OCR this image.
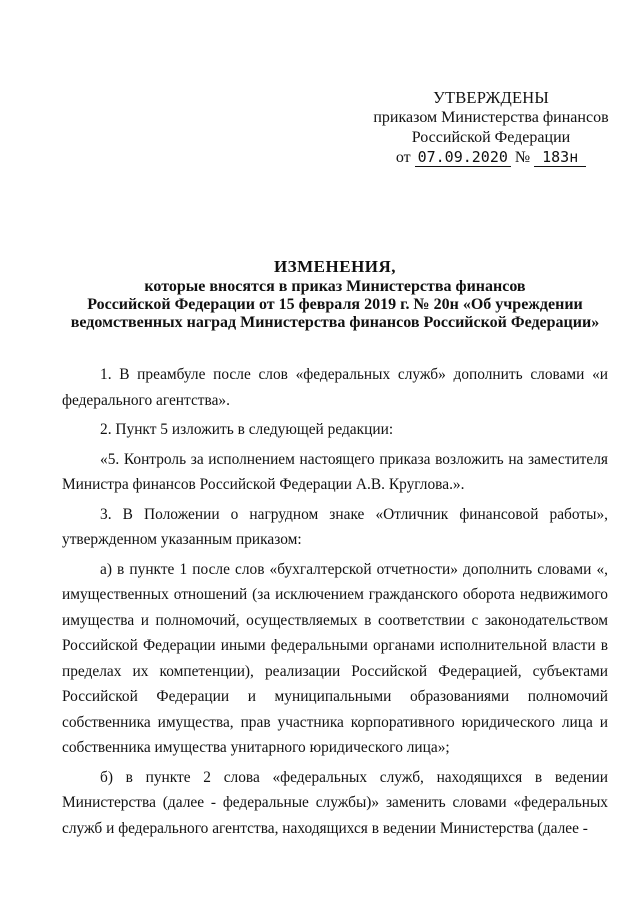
УТВЕРЖДЕНЫ
приказом Министерства финансов
Российской Федерации
от 07.09.2020 № 183н
ИЗМЕНЕНИЯ,
которые вносятся в приказ Министерства финансов
Российской Федерации от 15 февраля 2019 г. № 20н «Об учреждении
ведомственных наград Министерства финансов Российской Федерации»

1. В преамбуле после слов «федеральных служб» дополнить словами «и федерального агентства».

2. Пункт 5 изложить в следующей редакции:

«5. Контроль за исполнением настоящего приказа возложить на заместителя Министра финансов Российской Федерации А.В. Круглова.».

3. В Положении о нагрудном знаке «Отличник финансовой работы», утвержденном указанным приказом:

а) в пункте 1 после слов «бухгалтерской отчетности» дополнить словами «, имущественных отношений (за исключением гражданского оборота недвижимого имущества и полномочий, осуществляемых в соответствии с законодательством Российской Федерации иными федеральными органами исполнительной власти в пределах их компетенции), реализации Российской Федерацией, субъектами Российской Федерации и муниципальными образованиями полномочий собственника имущества, прав участника корпоративного юридического лица и собственника имущества унитарного юридического лица»;

б) в пункте 2 слова «федеральных служб, находящихся в ведении Министерства (далее - федеральные службы)» заменить словами «федеральных служб и федерального агентства, находящихся в ведении Министерства (далее -
